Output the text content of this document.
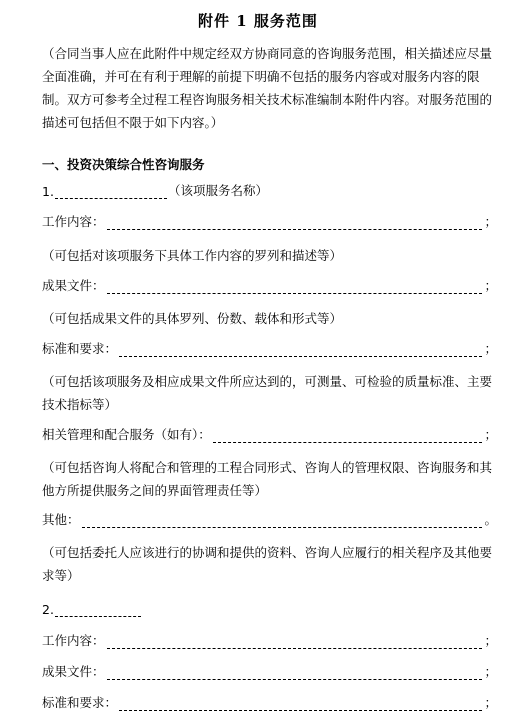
附件 1 服务范围
（合同当事人应在此附件中规定经双方协商同意的咨询服务范围，相关描述应尽量全面准确，并可在有利于理解的前提下明确不包括的服务内容或对服务内容的限制。双方可参考全过程工程咨询服务相关技术标准编制本附件内容。对服务范围的描述可包括但不限于如下内容。）
一、投资决策综合性咨询服务
1.	（该项服务名称）
工作内容：	；
（可包括对该项服务下具体工作内容的罗列和描述等）
成果文件：	；
（可包括成果文件的具体罗列、份数、载体和形式等）
标准和要求：	；
（可包括该项服务及相应成果文件所应达到的，可测量、可检验的质量标准、主要技术指标等）
相关管理和配合服务（如有）：	；
（可包括咨询人将配合和管理的工程合同形式、咨询人的管理权限、咨询服务和其他方所提供服务之间的界面管理责任等）
其他：	。
（可包括委托人应该进行的协调和提供的资料、咨询人应履行的相关程序及其他要求等）
2.
工作内容：	；
成果文件：	；
标准和要求：	；
